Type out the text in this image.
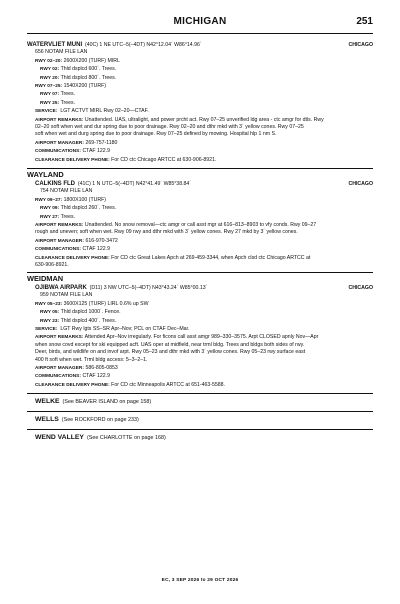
MICHIGAN	251
WATERVLIET MUNI (40C) 1 NE UTC–5(–4DT) N42°12.04´ W86°14.96´	CHICAGO
656 NOTAM FILE LAN
RWY 02–20: 2600X200 (TURF) MIRL
RWY 02: Thld dsplcd 600´. Trees.
RWY 20: Thld dsplcd 800´. Trees.
RWY 07–25: 1540X200 (TURF)
RWY 07: Trees.
RWY 25: Trees.
SERVICE: LGT ACTVT MIRL Rwy 02–20—CTAF.
AIRPORT REMARKS: Unattended. UAS, ultralight, and power prcht act. Rwy 07–25 unverified ldg area - ctc amgr for dtls. Rwy
02–20 soft when wet and dur spring due to poor drainage. Rwy 02–20 and dthr mkd with 3´ yellow cones. Rwy 07–25
soft when wet and durg spring due to poor drainage. Rwy 07–25 defined by mowing. Hospital hlp 1 nm S.
AIRPORT MANAGER: 269-757-1180
COMMUNICATIONS: CTAF 122.9
CLEARANCE DELIVERY PHONE: For CD ctc Chicago ARTCC at 630-906-8921.
WAYLAND
CALKINS FLD (41C) 1 N UTC–5(–4DT) N42°41.49´ W85°38.84´	CHICAGO
754 NOTAM FILE LAN
RWY 09–27: 1800X100 (TURF)
RWY 09: Thld dsplcd 260´. Trees.
RWY 27: Trees.
AIRPORT REMARKS: Unattended. No snow removal—ctc amgr or call asst mgr at 616–813–8903 to vfy conds. Rwy 09–27
rough and uneven; soft when wet. Rwy 09 rwy and dthr mkd with 3´ yellow cones. Rwy 27 mkd by 3´ yellow cones.
AIRPORT MANAGER: 616-970-3472
COMMUNICATIONS: CTAF 122.9
CLEARANCE DELIVERY PHONE: For CD ctc Great Lakes Apch at 269-459-3344, when Apch clsd ctc Chicago ARTCC at
630-906-8921.
WEIDMAN
OJIBWA AIRPARK (D11) 3 NW UTC–5(–4DT) N43°43.24´ W85°00.13´	CHICAGO
959 NOTAM FILE LAN
RWY 05–23: 3600X125 (TURF) LIRL 0.6% up SW
RWY 05: Thld dsplcd 1000´. Fence.
RWY 23: Thld dsplcd 400´. Trees.
SERVICE: LGT Rwy lgts SS–SR Apr–Nov; PCL on CTAF Dec–Mar.
AIRPORT REMARKS: Attended Apr–Nov irregularly. For ficons call asst amgr 989–330–3575. Arpt CLOSED apnly Nov—Apr
when snow covd except for ski equipped acft. UAS oper at midfield, near trml bldg. Trees and bldgs both sides of rwy.
Deer, birds, and wildlife on and invof arpt. Rwy 05–23 and dthr mkd with 3´ yellow cones. Rwy 05–23 rwy surface east
400 ft soft when wet. Trml bldg access: 5–3–2–1.
AIRPORT MANAGER: 586-805-0853
COMMUNICATIONS: CTAF 122.9
CLEARANCE DELIVERY PHONE: For CD ctc Minneapolis ARTCC at 651-463-5588.
WELKE (See BEAVER ISLAND on page 158)
WELLS (See ROCKFORD on page 233)
WEND VALLEY (See CHARLOTTE on page 168)
EC, 3 SEP 2026 to 29 OCT 2026
